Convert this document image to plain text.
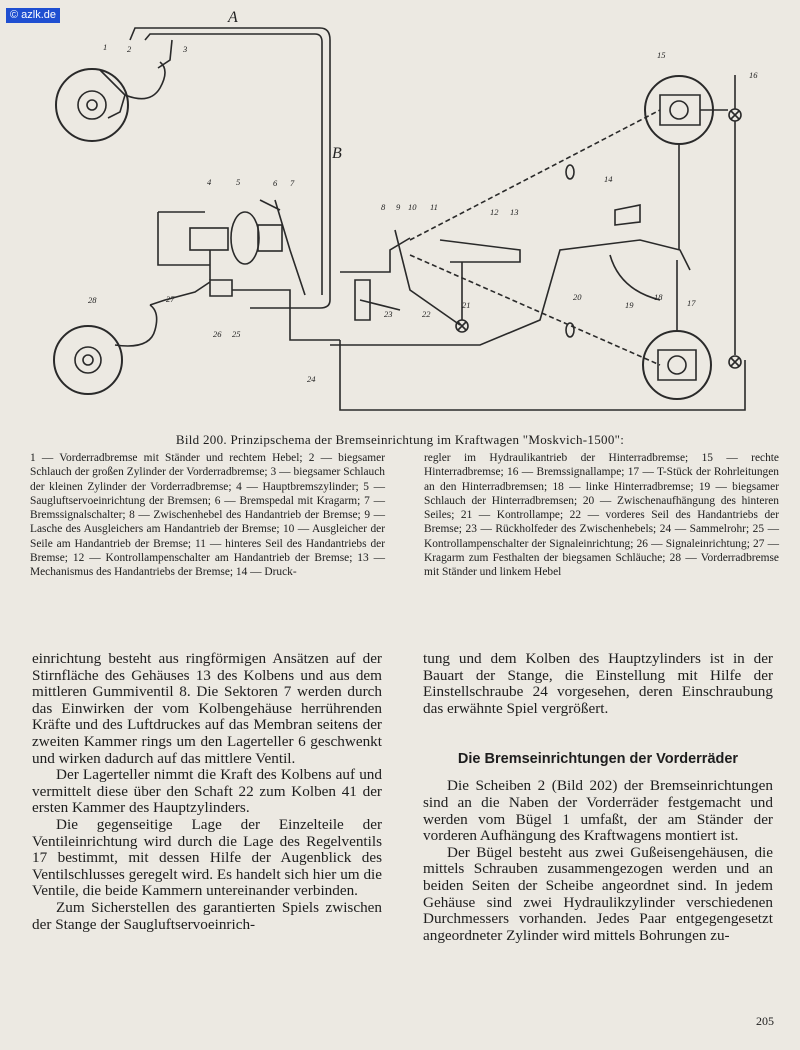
© azlk.de	A
B
1 2	3
4	5	6 7
8 9 10 11	12 13
14
15
16
17
18
19
20
21
22
23
24
25
26
27
28
Bild 200. Prinzipschema der Bremseinrichtung im Kraftwagen "Moskvich-1500":

1 — Vorderradbremse mit Ständer und rechtem Hebel; 2 — biegsamer Schlauch der großen Zylinder der Vorderradbremse; 3 — biegsamer Schlauch der kleinen Zylinder der Vorderradbremse; 4 — Hauptbremszylinder; 5 — Saugluftservoeinrichtung der Bremsen; 6 — Bremspedal mit Kragarm; 7 — Bremssignalschalter; 8 — Zwischenhebel des Handantrieb der Bremse; 9 — Lasche des Ausgleichers am Handantrieb der Bremse; 10 — Ausgleicher der Seile am Handantrieb der Bremse; 11 — hinteres Seil des Handantriebs der Bremse; 12 — Kontrollampenschalter am Handantrieb der Bremse; 13 — Mechanismus des Handantriebs der Bremse; 14 — Druck-

regler im Hydraulikantrieb der Hinterradbremse; 15 — rechte Hinterradbremse; 16 — Bremssignallampe; 17 — T-Stück der Rohrleitungen an den Hinterradbremsen; 18 — linke Hinterradbremse; 19 — biegsamer Schlauch der Hinterradbremsen; 20 — Zwischenaufhängung des hinteren Seiles; 21 — Kontrollampe; 22 — vorderes Seil des Handantriebs der Bremse; 23 — Rückholfeder des Zwischenhebels; 24 — Sammelrohr; 25 — Kontrollampenschalter der Signaleinrichtung; 26 — Signaleinrichtung; 27 — Kragarm zum Festhalten der biegsamen Schläuche; 28 — Vorderradbremse mit Ständer und linkem Hebel

einrichtung besteht aus ringförmigen Ansätzen auf der Stirnfläche des Gehäuses 13 des Kolbens und aus dem mittleren Gummiventil 8. Die Sektoren 7 werden durch das Einwirken der vom Kolbengehäuse herrührenden Kräfte und des Luftdruckes auf das Membran seitens der zweiten Kammer rings um den Lagerteller 6 geschwenkt und wirken dadurch auf das mittlere Ventil.

Der Lagerteller nimmt die Kraft des Kolbens auf und vermittelt diese über den Schaft 22 zum Kolben 41 der ersten Kammer des Hauptzylinders.

Die gegenseitige Lage der Einzelteile der Ventileinrichtung wird durch die Lage des Regelventils 17 bestimmt, mit dessen Hilfe der Augenblick des Ventilschlusses geregelt wird. Es handelt sich hier um die Ventile, die beide Kammern untereinander verbinden.

Zum Sicherstellen des garantierten Spiels zwischen der Stange der Saugluftservoeinrich-

tung und dem Kolben des Hauptzylinders ist in der Bauart der Stange, die Einstellung mit Hilfe der Einstellschraube 24 vorgesehen, deren Einschraubung das erwähnte Spiel vergrößert.

Die Bremseinrichtungen der Vorderräder

Die Scheiben 2 (Bild 202) der Bremseinrichtungen sind an die Naben der Vorderräder festgemacht und werden vom Bügel 1 umfaßt, der am Ständer der vorderen Aufhängung des Kraftwagens montiert ist.

Der Bügel besteht aus zwei Gußeisengehäusen, die mittels Schrauben zusammengezogen werden und an beiden Seiten der Scheibe angeordnet sind. In jedem Gehäuse sind zwei Hydraulikzylinder verschiedenen Durchmessers vorhanden. Jedes Paar entgegengesetzt angeordneter Zylinder wird mittels Bohrungen zu-

205
